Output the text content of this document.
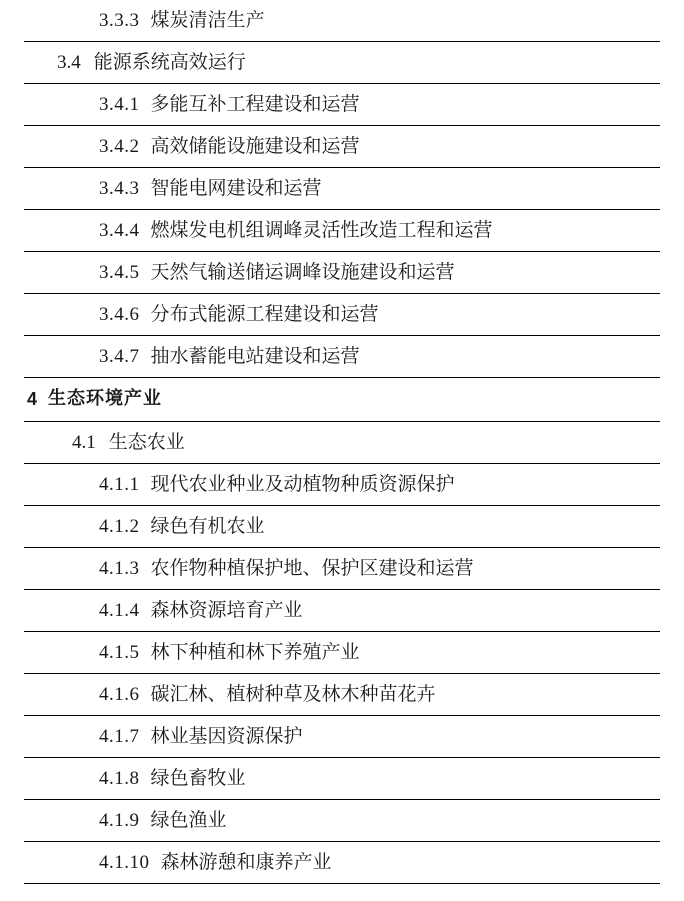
3.3.3 煤炭清洁生产
3.4 能源系统高效运行
3.4.1 多能互补工程建设和运营
3.4.2 高效储能设施建设和运营
3.4.3 智能电网建设和运营
3.4.4 燃煤发电机组调峰灵活性改造工程和运营
3.4.5 天然气输送储运调峰设施建设和运营
3.4.6 分布式能源工程建设和运营
3.4.7 抽水蓄能电站建设和运营
4 生态环境产业
4.1 生态农业
4.1.1 现代农业种业及动植物种质资源保护
4.1.2 绿色有机农业
4.1.3 农作物种植保护地、保护区建设和运营
4.1.4 森林资源培育产业
4.1.5 林下种植和林下养殖产业
4.1.6 碳汇林、植树种草及林木种苗花卉
4.1.7 林业基因资源保护
4.1.8 绿色畜牧业
4.1.9 绿色渔业
4.1.10 森林游憩和康养产业
